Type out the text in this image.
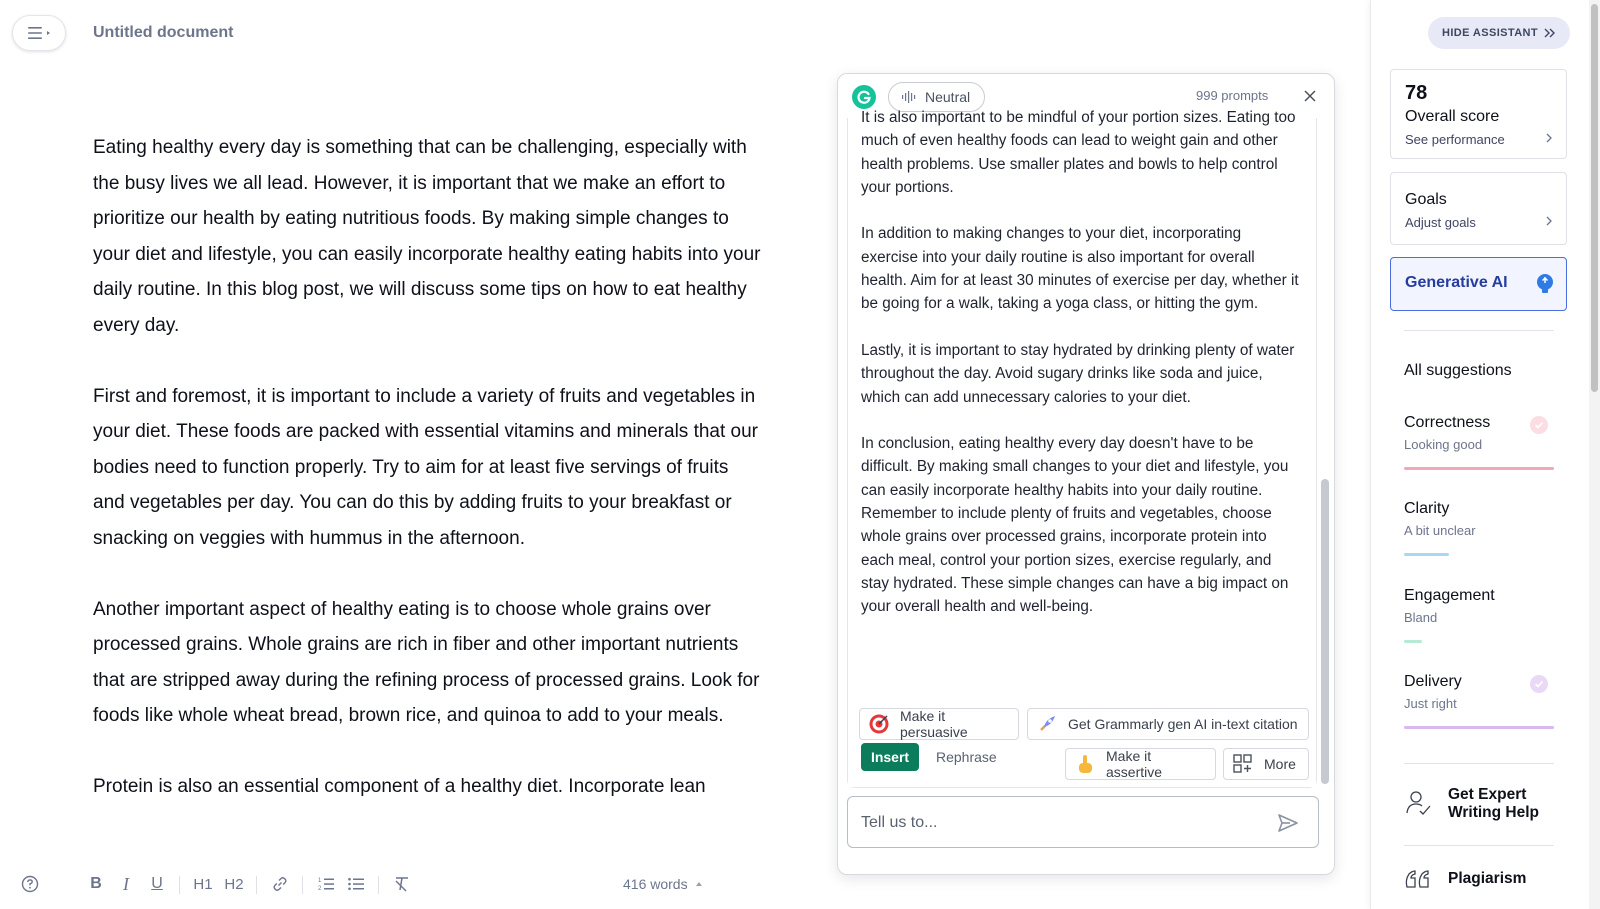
Untitled document

Eating healthy every day is something that can be challenging, especially with the busy lives we all lead. However, it is important that we make an effort to prioritize our health by eating nutritious foods. By making simple changes to your diet and lifestyle, you can easily incorporate healthy eating habits into your daily routine. In this blog post, we will discuss some tips on how to eat healthy every day.

First and foremost, it is important to include a variety of fruits and vegetables in your diet. These foods are packed with essential vitamins and minerals that our bodies need to function properly. Try to aim for at least five servings of fruits and vegetables per day. You can do this by adding fruits to your breakfast or snacking on veggies with hummus in the afternoon.

Another important aspect of healthy eating is to choose whole grains over processed grains. Whole grains are rich in fiber and other important nutrients that are stripped away during the refining process of processed grains. Look for foods like whole wheat bread, brown rice, and quinoa to add to your meals.

Protein is also an essential component of a healthy diet. Incorporate lean

B I	U H1 H2	1
2	416 words
Neutral	999 prompts

It is also important to be mindful of your portion sizes. Eating too much of even healthy foods can lead to weight gain and other health problems. Use smaller plates and bowls to help control your portions.

In addition to making changes to your diet, incorporating exercise into your daily routine is also important for overall health. Aim for at least 30 minutes of exercise per day, whether it be going for a walk, taking a yoga class, or hitting the gym.

Lastly, it is important to stay hydrated by drinking plenty of water throughout the day. Avoid sugary drinks like soda and juice, which can add unnecessary calories to your diet.

In conclusion, eating healthy every day doesn't have to be difficult. By making small changes to your diet and lifestyle, you can easily incorporate healthy habits into your daily routine. Remember to include plenty of fruits and vegetables, choose whole grains over processed grains, incorporate protein into each meal, control your portion sizes, exercise regularly, and stay hydrated. These simple changes can have a big impact on your overall health and well-being.

Insert	Rephrase
Make it persuasive	Get Grammarly gen AI in-text citation
Make it assertive	More
Tell us to...
HIDE ASSISTANT
78
Overall score
See performance
Goals
Adjust goals
Generative AI
All suggestions
Correctness
Looking good
Clarity
A bit unclear
Engagement
Bland
Delivery
Just right
Get Expert Writing Help
Plagiarism
